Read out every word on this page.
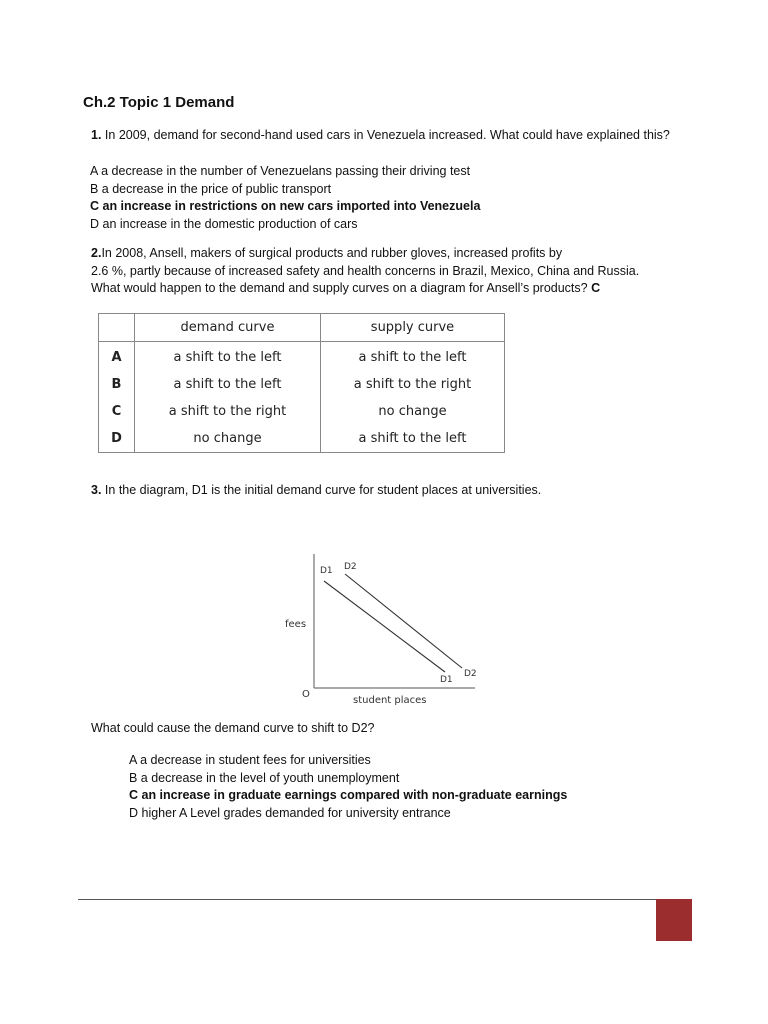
Ch.2 Topic 1 Demand

1. In 2009, demand for second-hand used cars in Venezuela increased. What could have explained this?

A a decrease in the number of Venezuelans passing their driving test
B a decrease in the price of public transport
C an increase in restrictions on new cars imported into Venezuela
D an increase in the domestic production of cars

2.In 2008, Ansell, makers of surgical products and rubber gloves, increased profits by
2.6 %, partly because of increased safety and health concerns in Brazil, Mexico, China and Russia.
What would happen to the demand and supply curves on a diagram for Ansell’s products? C

	demand curve	supply curve
A	a shift to the left	a shift to the left
B	a shift to the left	a shift to the right
C	a shift to the right	no change
D	no change	a shift to the left

3. In the diagram, D1 is the initial demand curve for student places at universities.

fees
student places
O
D1 D2
D1
D2

What could cause the demand curve to shift to D2?

A a decrease in student fees for universities
B a decrease in the level of youth unemployment
C an increase in graduate earnings compared with non-graduate earnings
D higher A Level grades demanded for university entrance
